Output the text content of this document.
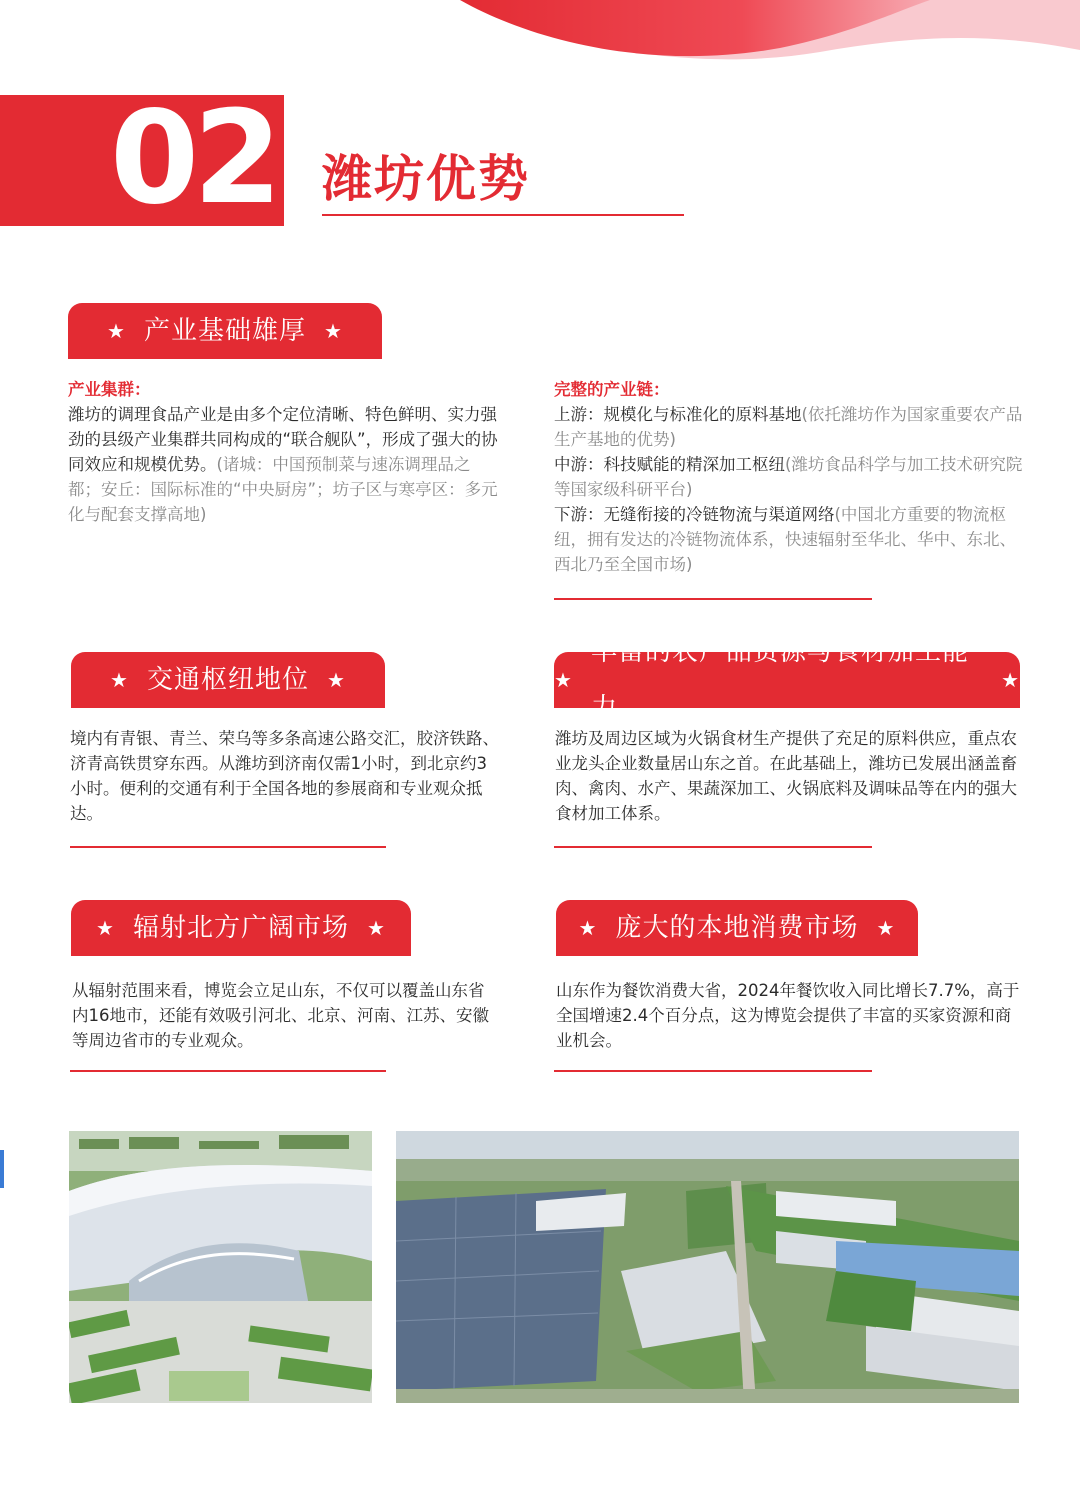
02 潍坊优势
★ 产业基础雄厚 ★
产业集群：
潍坊的调理食品产业是由多个定位清晰、特色鲜明、实力强劲的县级产业集群共同构成的“联合舰队”，形成了强大的协同效应和规模优势。(诸城：中国预制菜与速冻调理品之都；安丘：国际标准的“中央厨房”；坊子区与寒亭区：多元化与配套支撑高地)
完整的产业链：
上游：规模化与标准化的原料基地(依托潍坊作为国家重要农产品生产基地的优势)
中游：科技赋能的精深加工枢纽(潍坊食品科学与加工技术研究院等国家级科研平台)
下游：无缝衔接的冷链物流与渠道网络(中国北方重要的物流枢纽，拥有发达的冷链物流体系，快速辐射至华北、华中、东北、西北乃至全国市场)
★ 交通枢纽地位 ★
境内有青银、青兰、荣乌等多条高速公路交汇，胶济铁路、济青高铁贯穿东西。从潍坊到济南仅需1小时，到北京约3小时。便利的交通有利于全国各地的参展商和专业观众抵达。
★
丰富的农产品资源与食材加工能力
★
潍坊及周边区域为火锅食材生产提供了充足的原料供应，重点农业龙头企业数量居山东之首。在此基础上，潍坊已发展出涵盖畜肉、禽肉、水产、果蔬深加工、火锅底料及调味品等在内的强大食材加工体系。
★ 辐射北方广阔市场 ★
从辐射范围来看，博览会立足山东，不仅可以覆盖山东省内16地市，还能有效吸引河北、北京、河南、江苏、安徽等周边省市的专业观众。
★ 庞大的本地消费市场 ★
山东作为餐饮消费大省，2024年餐饮收入同比增长7.7%，高于全国增速2.4个百分点，这为博览会提供了丰富的买家资源和商业机会。
